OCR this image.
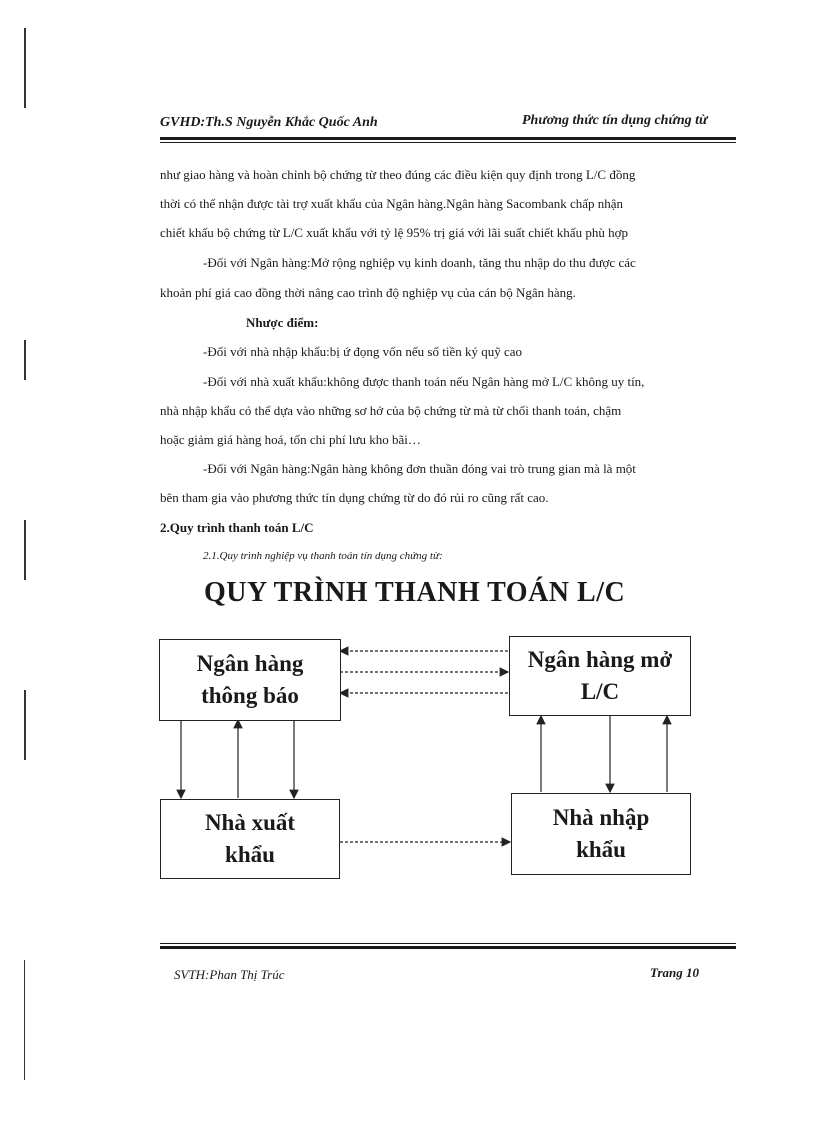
GVHD:Th.S Nguyễn Khắc Quốc Anh	Phương thức tín dụng chứng từ
như giao hàng và hoàn chỉnh bộ chứng từ theo đúng các điều kiện quy định trong L/C đồng
thời có thể nhận được tài trợ xuất khẩu của Ngân hàng.Ngân hàng Sacombank chấp nhận
chiết khấu bộ chứng từ L/C xuất khẩu với tỷ lệ 95% trị giá với lãi suất chiết khấu phù hợp
-Đối với Ngân hàng:Mở rộng nghiệp vụ kinh doanh, tăng thu nhập do thu được các
khoản phí giá cao đồng thời nâng cao trình độ nghiệp vụ của cán bộ Ngân hàng.
Nhược điểm:
-Đối với nhà nhập khẩu:bị ứ đọng vốn nếu số tiền ký quỹ cao
-Đối với nhà xuất khẩu:không được thanh toán nếu Ngân hàng mở L/C không uy tín,
nhà nhập khẩu có thể dựa vào những sơ hở của bộ chứng từ mà từ chối thanh toán, chậm
hoặc giảm giá hàng hoá, tốn chi phí lưu kho bãi…
-Đối với Ngân hàng:Ngân hàng không đơn thuần đóng vai trò trung gian mà là một
bên tham gia vào phương thức tín dụng chứng từ do đó rủi ro cũng rất cao.
2.Quy trình thanh toán L/C
2.1.Quy trình nghiệp vụ thanh toán tín dụng chứng từ:
QUY TRÌNH THANH TOÁN L/C
Ngân hàng
thông báo
Ngân hàng mở
L/C
Nhà xuất
khẩu
Nhà nhập
khẩu
SVTH:Phan Thị Trúc	Trang 10
